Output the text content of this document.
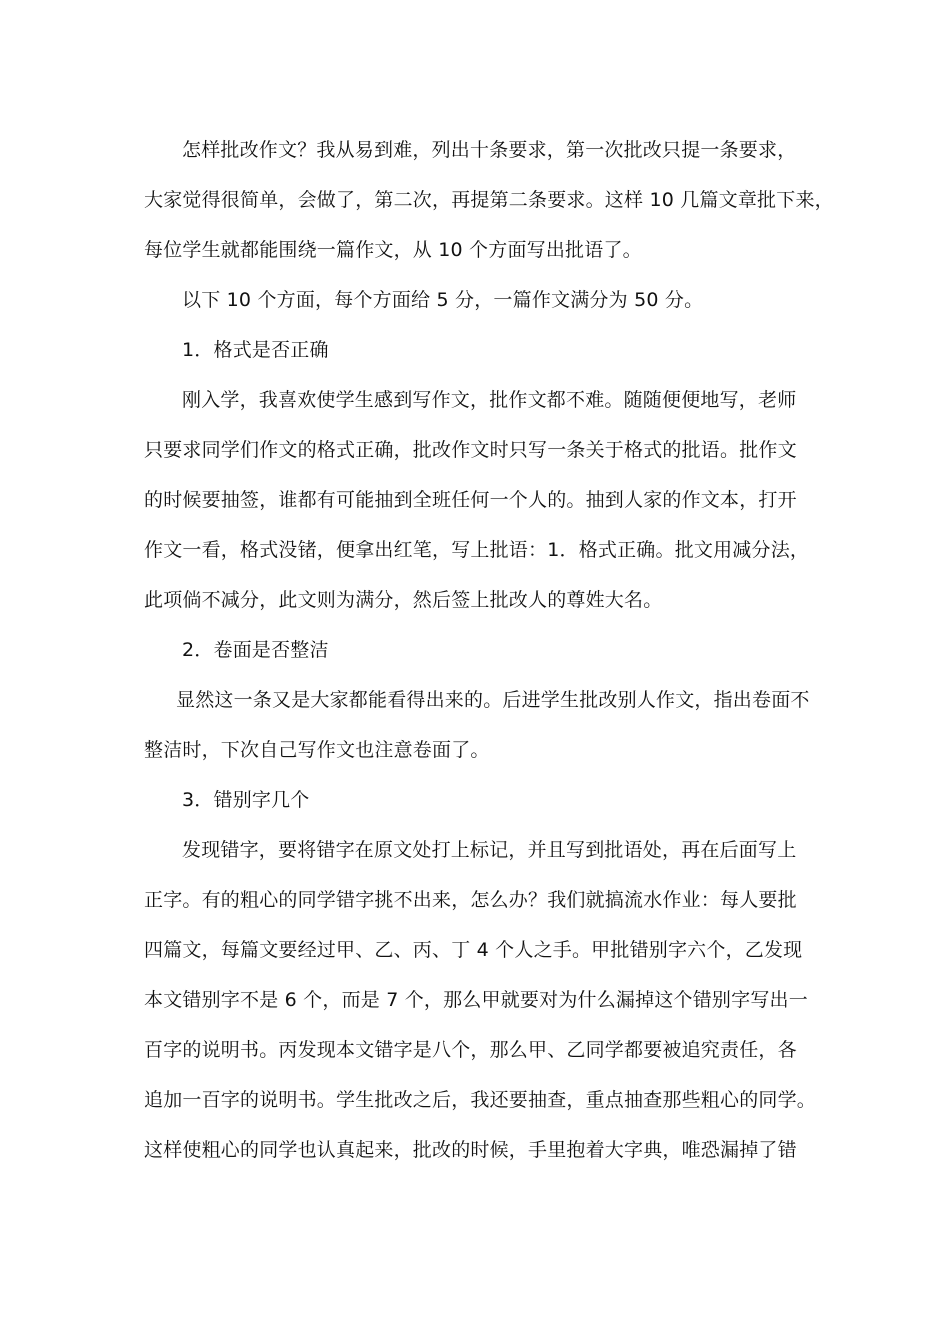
怎样批改作文？我从易到难，列出十条要求，第一次批改只提一条要求，
大家觉得很简单，会做了，第二次，再提第二条要求。这样 10 几篇文章批下来，
每位学生就都能围绕一篇作文，从 10 个方面写出批语了。
以下 10 个方面，每个方面给 5 分，一篇作文满分为 50 分。
1．格式是否正确
刚入学，我喜欢使学生感到写作文，批作文都不难。随随便便地写，老师
只要求同学们作文的格式正确，批改作文时只写一条关于格式的批语。批作文
的时候要抽签，谁都有可能抽到全班任何一个人的。抽到人家的作文本，打开
作文一看，格式没锗，便拿出红笔，写上批语：1．格式正确。批文用减分法，
此项倘不减分，此文则为满分，然后签上批改人的尊姓大名。
2．卷面是否整洁
显然这一条又是大家都能看得出来的。后进学生批改别人作文，指出卷面不
整洁时，下次自己写作文也注意卷面了。
3．错别字几个
发现错字，要将错字在原文处打上标记，并且写到批语处，再在后面写上
正字。有的粗心的同学错字挑不出来，怎么办？我们就搞流水作业：每人要批
四篇文，每篇文要经过甲、乙、丙、丁 4 个人之手。甲批错别字六个，乙发现
本文错别字不是 6 个，而是 7 个，那么甲就要对为什么漏掉这个错别字写出一
百字的说明书。丙发现本文错字是八个，那么甲、乙同学都要被追究责任，各
追加一百字的说明书。学生批改之后，我还要抽查，重点抽查那些粗心的同学。
这样使粗心的同学也认真起来，批改的时候，手里抱着大字典，唯恐漏掉了错
